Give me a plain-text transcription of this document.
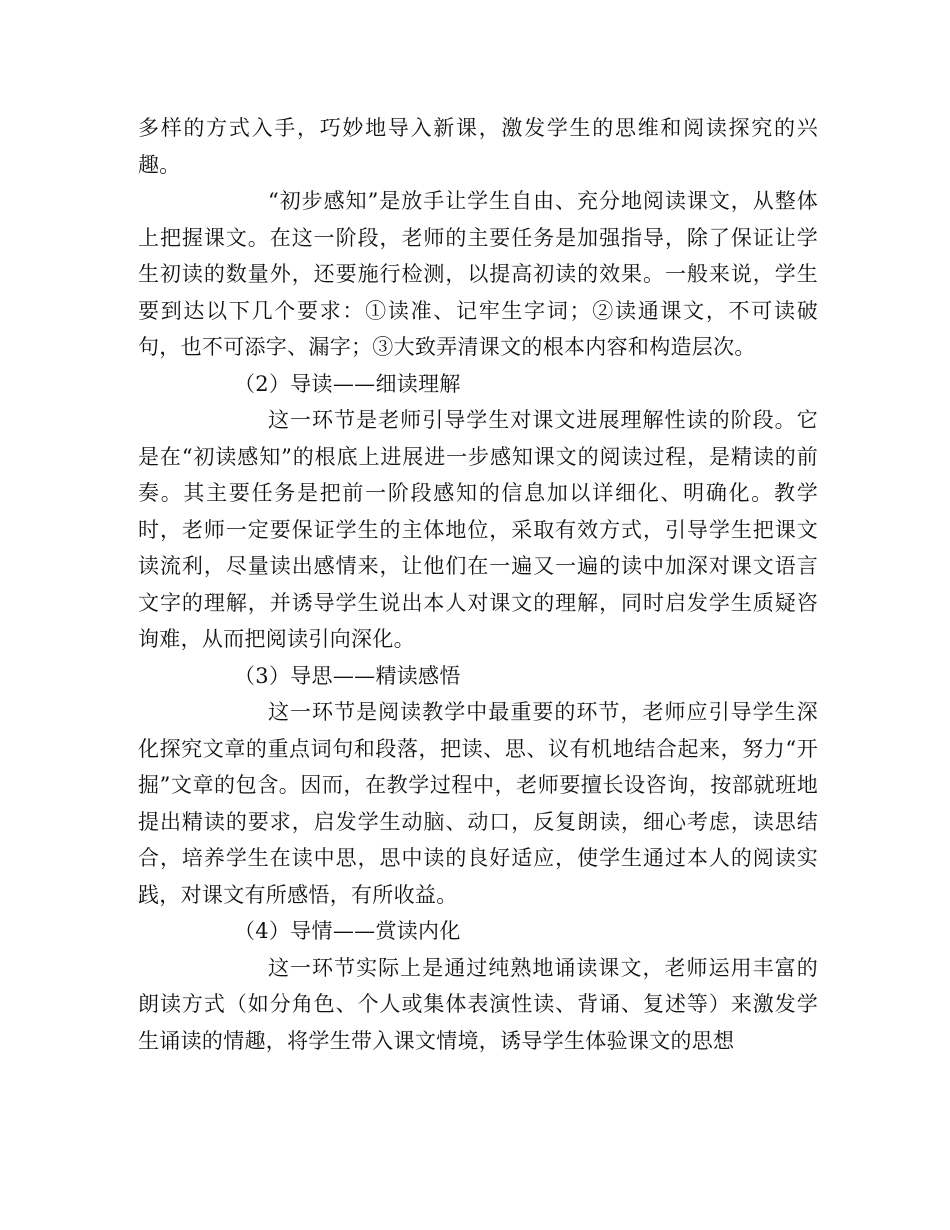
多样的方式入手，巧妙地导入新课，激发学生的思维和阅读探究的兴趣。

“初步感知”是放手让学生自由、充分地阅读课文，从整体上把握课文。在这一阶段，老师的主要任务是加强指导，除了保证让学生初读的数量外，还要施行检测，以提高初读的效果。一般来说，学生要到达以下几个要求：①读准、记牢生字词；②读通课文，不可读破句，也不可添字、漏字；③大致弄清课文的根本内容和构造层次。

（2）导读——细读理解

这一环节是老师引导学生对课文进展理解性读的阶段。它是在“初读感知”的根底上进展进一步感知课文的阅读过程，是精读的前奏。其主要任务是把前一阶段感知的信息加以详细化、明确化。教学时，老师一定要保证学生的主体地位，采取有效方式，引导学生把课文读流利，尽量读出感情来，让他们在一遍又一遍的读中加深对课文语言文字的理解，并诱导学生说出本人对课文的理解，同时启发学生质疑咨询难，从而把阅读引向深化。

（3）导思——精读感悟

这一环节是阅读教学中最重要的环节，老师应引导学生深化探究文章的重点词句和段落，把读、思、议有机地结合起来，努力“开掘”文章的包含。因而，在教学过程中，老师要擅长设咨询，按部就班地提出精读的要求，启发学生动脑、动口，反复朗读，细心考虑，读思结合，培养学生在读中思，思中读的良好适应，使学生通过本人的阅读实践，对课文有所感悟，有所收益。

（4）导情——赏读内化

这一环节实际上是通过纯熟地诵读课文，老师运用丰富的朗读方式（如分角色、个人或集体表演性读、背诵、复述等）来激发学生诵读的情趣，将学生带入课文情境，诱导学生体验课文的思想
